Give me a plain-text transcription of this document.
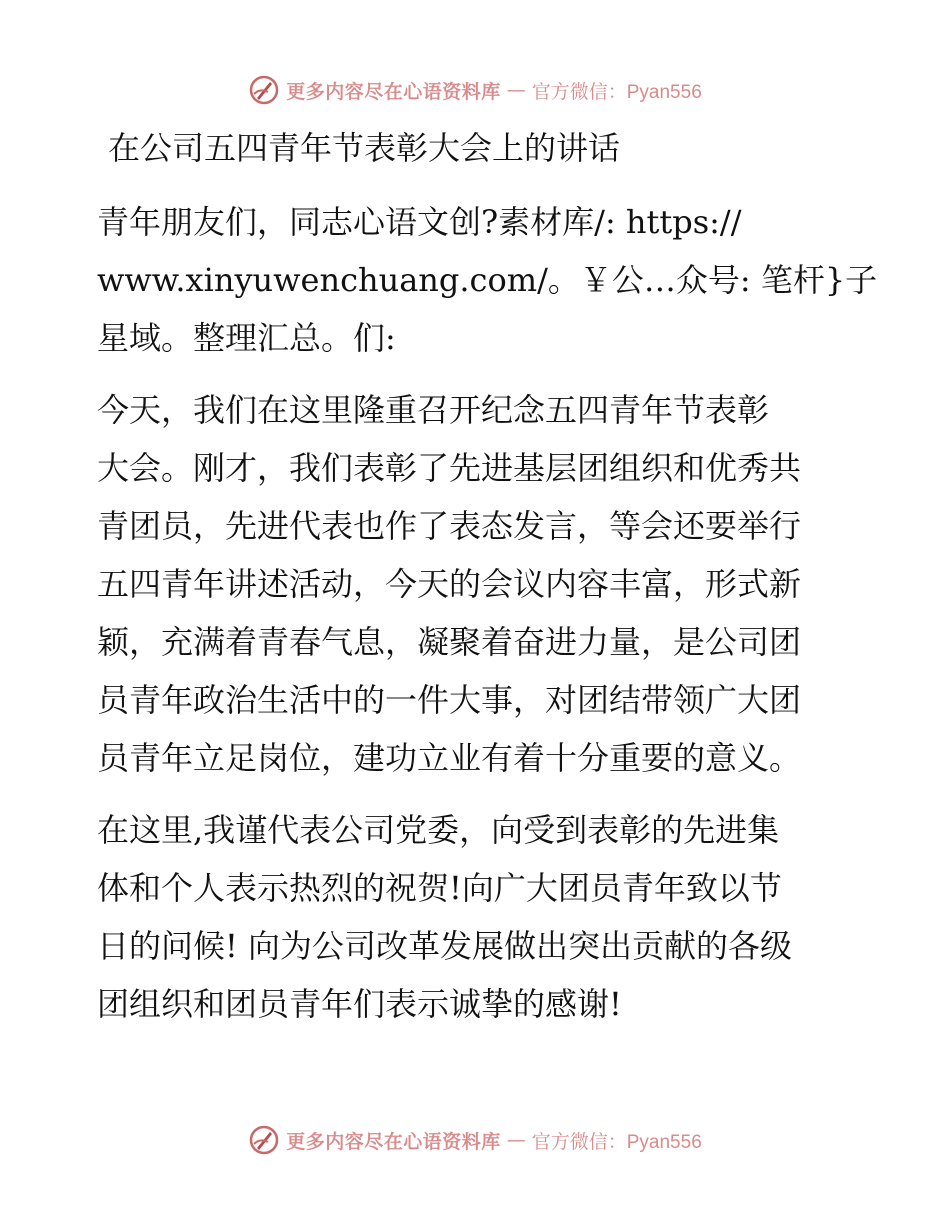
更多内容尽在心语资料库 — 官方微信：Pyan556
在公司五四青年节表彰大会上的讲话
青年朋友们，同志心语文创?素材库/: https://
www.xinyuwenchuang.com/。￥公…众号: 笔杆}子
星域。整理汇总。们:
今天，我们在这里隆重召开纪念五四青年节表彰
大会。刚才，我们表彰了先进基层团组织和优秀共
青团员，先进代表也作了表态发言，等会还要举行
五四青年讲述活动，今天的会议内容丰富，形式新
颖，充满着青春气息，凝聚着奋进力量，是公司团
员青年政治生活中的一件大事，对团结带领广大团
员青年立足岗位，建功立业有着十分重要的意义。
在这里,我谨代表公司党委，向受到表彰的先进集
体和个人表示热烈的祝贺!向广大团员青年致以节
日的问候! 向为公司改革发展做出突出贡献的各级
团组织和团员青年们表示诚挚的感谢!
更多内容尽在心语资料库 — 官方微信：Pyan556
